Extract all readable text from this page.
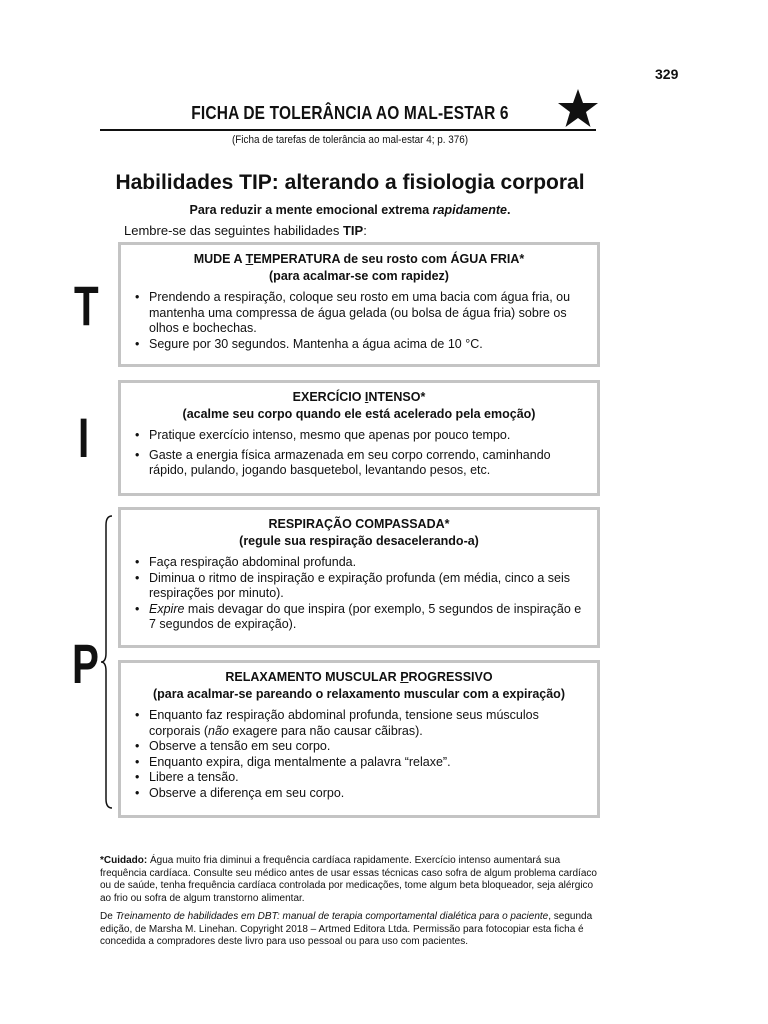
329
FICHA DE TOLERÂNCIA AO MAL-ESTAR 6
(Ficha de tarefas de tolerância ao mal-estar 4; p. 376)
Habilidades TIP: alterando a fisiologia corporal
Para reduzir a mente emocional extrema rapidamente.
Lembre-se das seguintes habilidades TIP:
T
I
P
MUDE A TEMPERATURA de seu rosto com ÁGUA FRIA*
(para acalmar-se com rapidez)
• Prendendo a respiração, coloque seu rosto em uma bacia com água fria, ou mantenha uma compressa de água gelada (ou bolsa de água fria) sobre os olhos e bochechas.
• Segure por 30 segundos. Mantenha a água acima de 10 °C.
EXERCÍCIO INTENSO*
(acalme seu corpo quando ele está acelerado pela emoção)
• Pratique exercício intenso, mesmo que apenas por pouco tempo.
• Gaste a energia física armazenada em seu corpo correndo, caminhando rápido, pulando, jogando basquetebol, levantando pesos, etc.
RESPIRAÇÃO COMPASSADA*
(regule sua respiração desacelerando-a)
• Faça respiração abdominal profunda.
• Diminua o ritmo de inspiração e expiração profunda (em média, cinco a seis respirações por minuto).
• Expire mais devagar do que inspira (por exemplo, 5 segundos de inspiração e 7 segundos de expiração).
RELAXAMENTO MUSCULAR PROGRESSIVO
(para acalmar-se pareando o relaxamento muscular com a expiração)
• Enquanto faz respiração abdominal profunda, tensione seus músculos corporais (não exagere para não causar cãibras).
• Observe a tensão em seu corpo.
• Enquanto expira, diga mentalmente a palavra “relaxe”.
• Libere a tensão.
• Observe a diferença em seu corpo.
*Cuidado: Água muito fria diminui a frequência cardíaca rapidamente. Exercício intenso aumentará sua frequência cardíaca. Consulte seu médico antes de usar essas técnicas caso sofra de algum problema cardíaco ou de saúde, tenha frequência cardíaca controlada por medicações, tome algum beta bloqueador, seja alérgico ao frio ou sofra de algum transtorno alimentar.
De Treinamento de habilidades em DBT: manual de terapia comportamental dialética para o paciente, segunda edição, de Marsha M. Linehan. Copyright 2018 – Artmed Editora Ltda. Permissão para fotocopiar esta ficha é concedida a compradores deste livro para uso pessoal ou para uso com pacientes.
